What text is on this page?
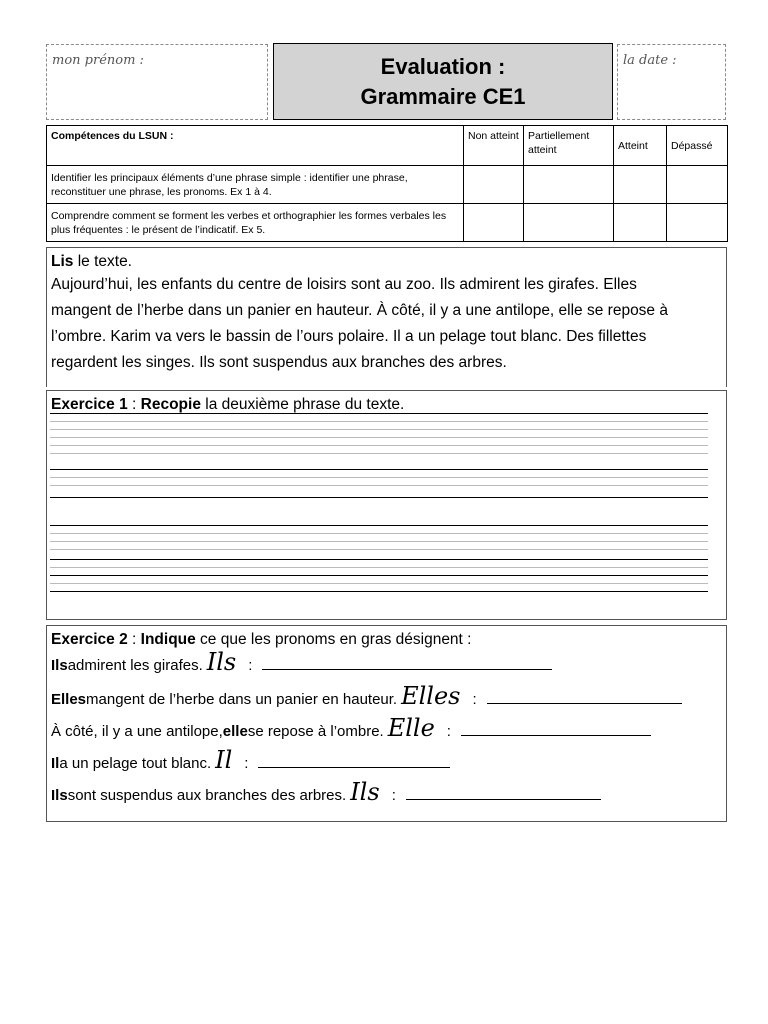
mon prénom :	Evaluation :
Grammaire CE1
la date :
Compétences du LSUN :	Non atteint	Partiellement atteint	Atteint	Dépassé
Identifier les principaux éléments d’une phrase simple : identifier une phrase, reconstituer une phrase, les pronoms. Ex 1 à 4.				
Comprendre comment se forment les verbes et orthographier les formes verbales les plus fréquentes : le présent de l’indicatif. Ex 5.				
Lis le texte.
Aujourd’hui, les enfants du centre de loisirs sont au zoo. Ils admirent les girafes. Elles
mangent de l’herbe dans un panier en hauteur. À côté, il y a une antilope, elle se repose à
l’ombre. Karim va vers le bassin de l’ours polaire. Il a un pelage tout blanc. Des fillettes
regardent les singes. Ils sont suspendus aux branches des arbres.
Exercice 1 : Recopie la deuxième phrase du texte.
Exercice 2 : Indique ce que les pronoms en gras désignent :
Ils admirent les girafes. Ils :
Elles mangent de l’herbe dans un panier en hauteur. Elles :
À côté, il y a une antilope, elle se repose à l’ombre. Elle :
Il a un pelage tout blanc. Il :
Ils sont suspendus aux branches des arbres. Ils :
